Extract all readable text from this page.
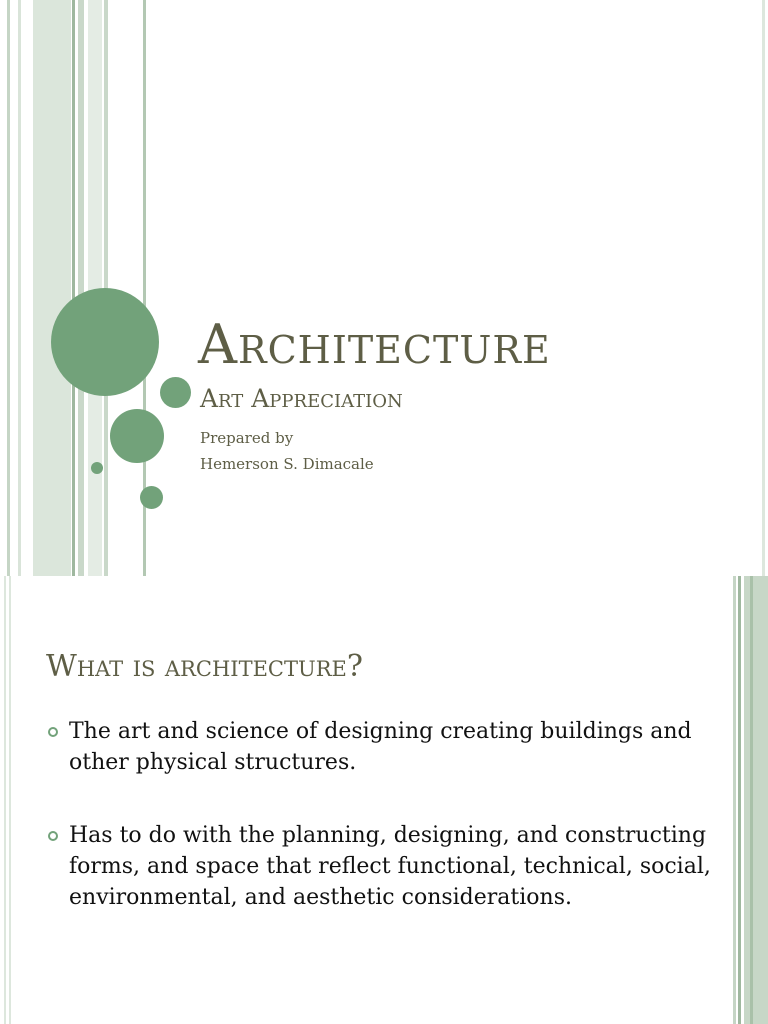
Architecture
Art Appreciation
Prepared by
Hemerson S. Dimacale
What is architecture?
The art and science of designing creating buildings and other physical structures.
Has to do with the planning, designing, and constructing forms, and space that reflect functional, technical, social, environmental, and aesthetic considerations.
